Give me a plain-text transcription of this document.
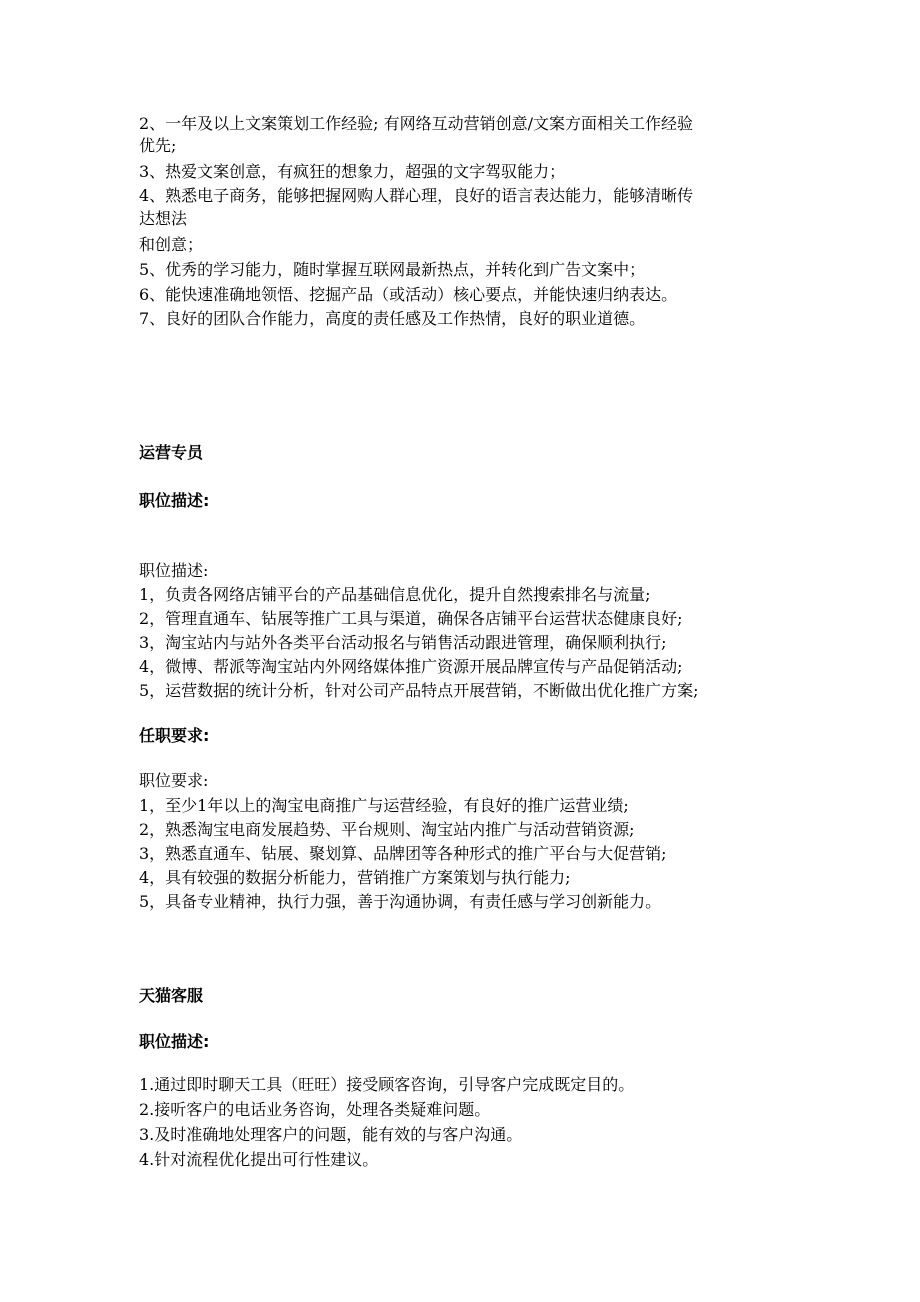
2、一年及以上文案策划工作经验; 有网络互动营销创意/文案方面相关工作经验
优先;
3、热爱文案创意，有疯狂的想象力，超强的文字驾驭能力；
4、熟悉电子商务，能够把握网购人群心理，良好的语言表达能力，能够清晰传
达想法
和创意；
5、优秀的学习能力，随时掌握互联网最新热点，并转化到广告文案中；
6、能快速准确地领悟、挖掘产品（或活动）核心要点，并能快速归纳表达。
7、良好的团队合作能力，高度的责任感及工作热情，良好的职业道德。
运营专员
职位描述:
职位描述:
1，负责各网络店铺平台的产品基础信息优化，提升自然搜索排名与流量;
2，管理直通车、钻展等推广工具与渠道，确保各店铺平台运营状态健康良好;
3，淘宝站内与站外各类平台活动报名与销售活动跟进管理，确保顺利执行;
4，微博、帮派等淘宝站内外网络媒体推广资源开展品牌宣传与产品促销活动;
5，运营数据的统计分析，针对公司产品特点开展营销，不断做出优化推广方案;
任职要求:
职位要求:
1，至少1年以上的淘宝电商推广与运营经验，有良好的推广运营业绩;
2，熟悉淘宝电商发展趋势、平台规则、淘宝站内推广与活动营销资源;
3，熟悉直通车、钻展、聚划算、品牌团等各种形式的推广平台与大促营销;
4，具有较强的数据分析能力，营销推广方案策划与执行能力;
5，具备专业精神，执行力强，善于沟通协调，有责任感与学习创新能力。
天猫客服
职位描述:
1.通过即时聊天工具（旺旺）接受顾客咨询，引导客户完成既定目的。
2.接听客户的电话业务咨询，处理各类疑难问题。
3.及时准确地处理客户的问题，能有效的与客户沟通。
4.针对流程优化提出可行性建议。
